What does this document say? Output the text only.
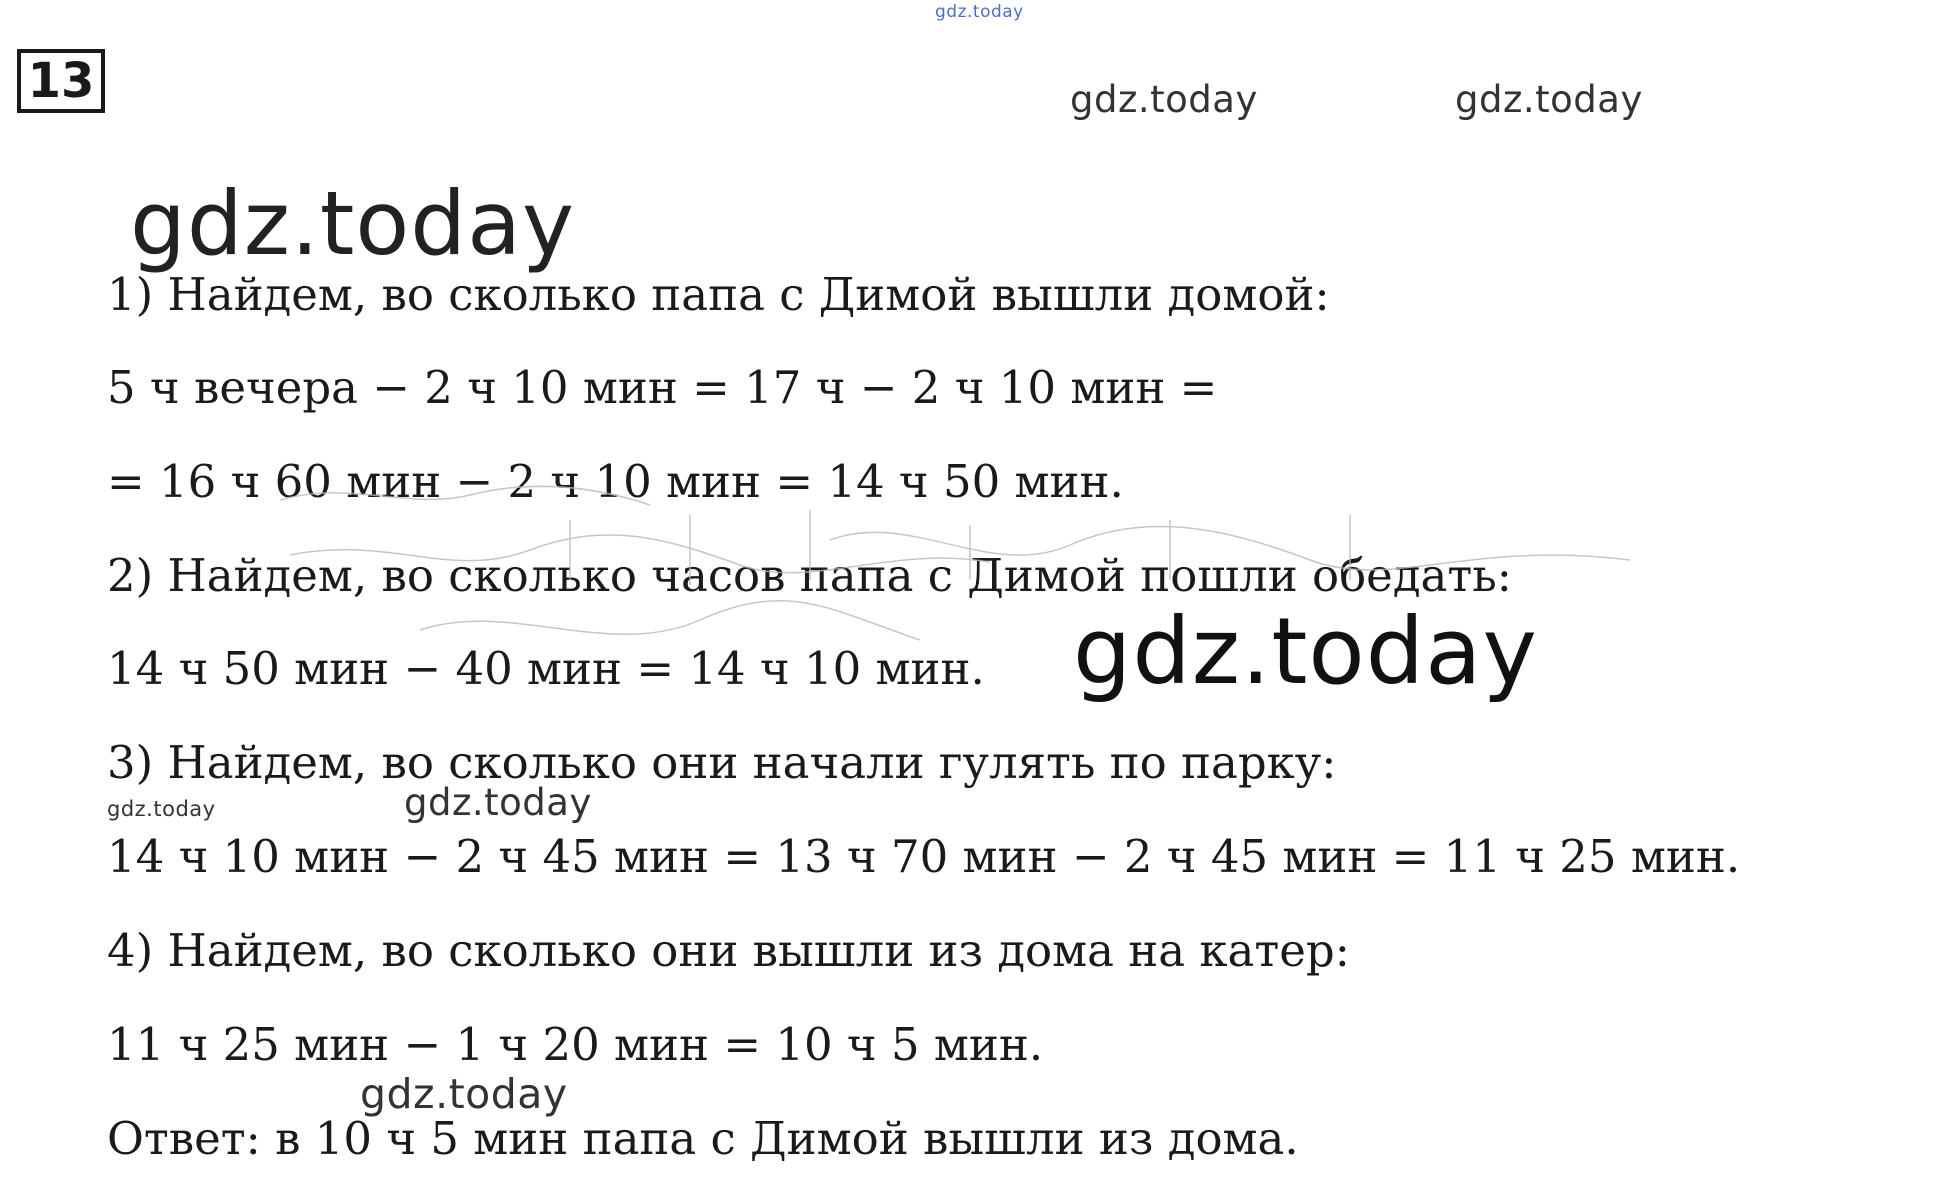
13
gdz.today
gdz.today	gdz.today
gdz.today
1) Найдем, во сколько папа с Димой вышли домой:
5 ч вечера − 2 ч 10 мин = 17 ч − 2 ч 10 мин =
= 16 ч 60 мин − 2 ч 10 мин = 14 ч 50 мин.
2) Найдем, во сколько часов папа с Димой пошли обедать:
14 ч 50 мин − 40 мин = 14 ч 10 мин.
3) Найдем, во сколько они начали гулять по парку:
14 ч 10 мин − 2 ч 45 мин = 13 ч 70 мин − 2 ч 45 мин = 11 ч 25 мин.
4) Найдем, во сколько они вышли из дома на катер:
11 ч 25 мин − 1 ч 20 мин = 10 ч 5 мин.
Ответ: в 10 ч 5 мин папа с Димой вышли из дома.
gdz.today
gdz.today	gdz.today
gdz.today
